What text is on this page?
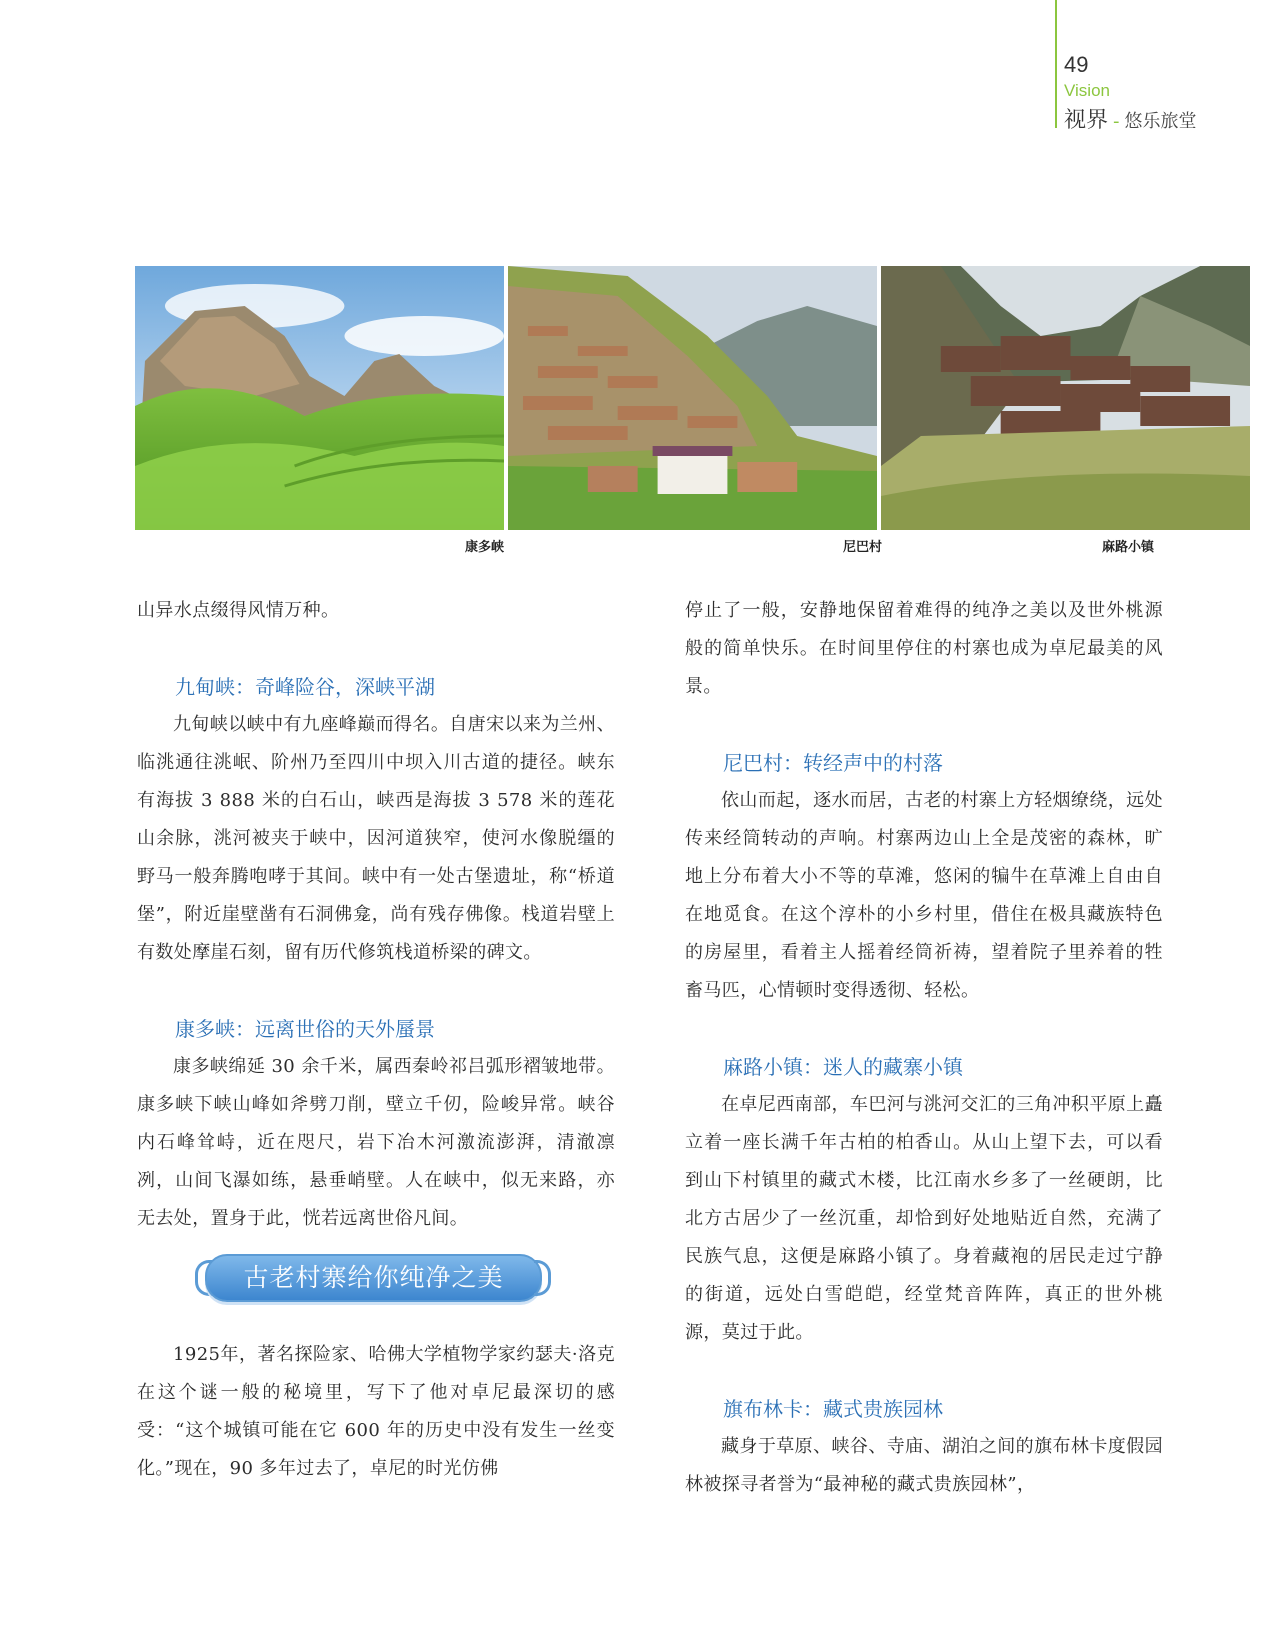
49
Vision
视界 - 悠乐旅堂
康多峡	尼巴村	麻路小镇

山异水点缀得风情万种。

九甸峡：奇峰险谷，深峡平湖

九甸峡以峡中有九座峰巅而得名。自唐宋以来为兰州、临洮通往洮岷、阶州乃至四川中坝入川古道的捷径。峡东有海拔 3 888 米的白石山，峡西是海拔 3 578 米的莲花山余脉，洮河被夹于峡中，因河道狭窄，使河水像脱缰的野马一般奔腾咆哮于其间。峡中有一处古堡遗址，称“桥道堡”，附近崖壁凿有石洞佛龛，尚有残存佛像。栈道岩壁上有数处摩崖石刻，留有历代修筑栈道桥梁的碑文。

康多峡：远离世俗的天外蜃景

康多峡绵延 30 余千米，属西秦岭祁吕弧形褶皱地带。康多峡下峡山峰如斧劈刀削，壁立千仞，险峻异常。峡谷内石峰耸峙，近在咫尺，岩下冶木河激流澎湃，清澈凛冽，山间飞瀑如练，悬垂峭壁。人在峡中，似无来路，亦无去处，置身于此，恍若远离世俗凡间。

古老村寨给你纯净之美

1925年，著名探险家、哈佛大学植物学家约瑟夫·洛克在这个谜一般的秘境里，写下了他对卓尼最深切的感受：“这个城镇可能在它 600 年的历史中没有发生一丝变化。”现在，90 多年过去了，卓尼的时光仿佛

停止了一般，安静地保留着难得的纯净之美以及世外桃源般的简单快乐。在时间里停住的村寨也成为卓尼最美的风景。

尼巴村：转经声中的村落

依山而起，逐水而居，古老的村寨上方轻烟缭绕，远处传来经筒转动的声响。村寨两边山上全是茂密的森林，旷地上分布着大小不等的草滩，悠闲的犏牛在草滩上自由自在地觅食。在这个淳朴的小乡村里，借住在极具藏族特色的房屋里，看着主人摇着经筒祈祷，望着院子里养着的牲畜马匹，心情顿时变得透彻、轻松。

麻路小镇：迷人的藏寨小镇

在卓尼西南部，车巴河与洮河交汇的三角冲积平原上矗立着一座长满千年古柏的柏香山。从山上望下去，可以看到山下村镇里的藏式木楼，比江南水乡多了一丝硬朗，比北方古居少了一丝沉重，却恰到好处地贴近自然，充满了民族气息，这便是麻路小镇了。身着藏袍的居民走过宁静的街道，远处白雪皑皑，经堂梵音阵阵，真正的世外桃源，莫过于此。

旗布林卡：藏式贵族园林

藏身于草原、峡谷、寺庙、湖泊之间的旗布林卡度假园林被探寻者誉为“最神秘的藏式贵族园林”，
